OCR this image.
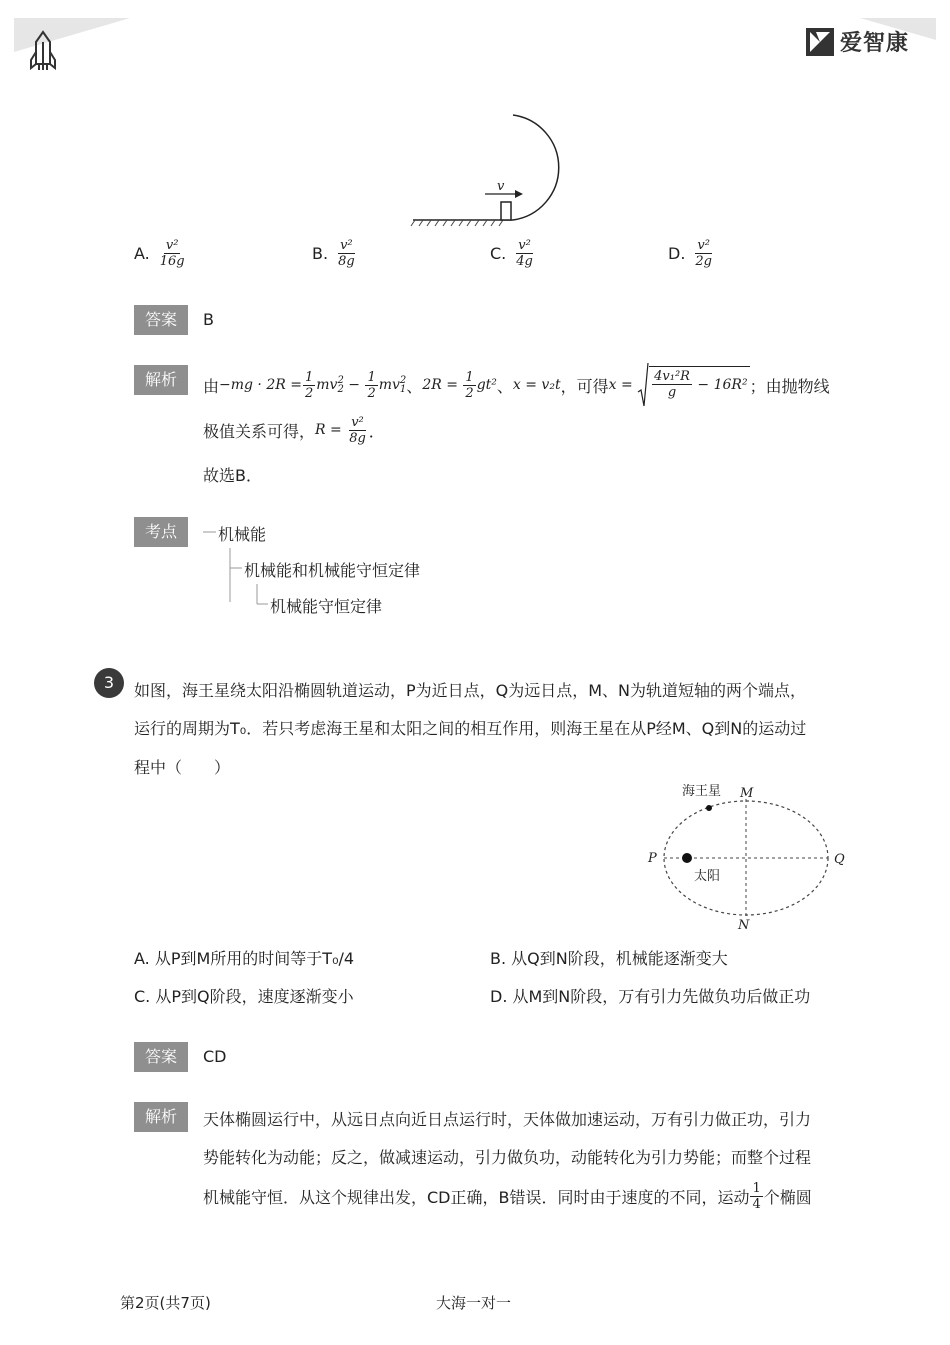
爱智康
v
A. $\frac{\text{v²}}{16g}$	B. $\frac{\text{v²}}{8g}$	C. $\frac{\text{v²}}{4g}$	D. $\frac{\text{v²}}{2g}$
答案	B
解析	由 $-mg \cdot 2R = \frac{1}{2}$ mv 2
$2 - \frac{1}{2}$ mv 2
1 、 $2R = \frac{1}{2} gt^2$ 、 x = v₂t ，可得 $x = \frac{\text{4v₁²R}}{g} - 16R^2$ ；由抛物线
极值关系可得， $R = \frac{\text{v²}}{8g}$ ．
故选B．
考点	机械能
机械能和机械能守恒定律
机械能守恒定律
3	如图，海王星绕太阳沿椭圆轨道运动，P为近日点，Q为远日点，M、N为轨道短轴的两个端点，
运行的周期为T₀．若只考虑海王星和太阳之间的相互作用，则海王星在从P经M、Q到N的运动过
程中（　　）
海王星
太阳
P	Q
M
N
A. 从P到M所用的时间等于T₀/4	B. 从Q到N阶段，机械能逐渐变大
C. 从P到Q阶段，速度逐渐变小	D. 从M到N阶段，万有引力先做负功后做正功
答案	CD
解析	天体椭圆运行中，从远日点向近日点运行时，天体做加速运动，万有引力做正功，引力
势能转化为动能；反之，做减速运动，引力做负功，动能转化为引力势能；而整个过程
机械能守恒．从这个规律出发，CD正确，B错误．同时由于速度的不同，运动 $\frac{1}{4}$ 个椭圆
第2页(共7页)	大海一对一
